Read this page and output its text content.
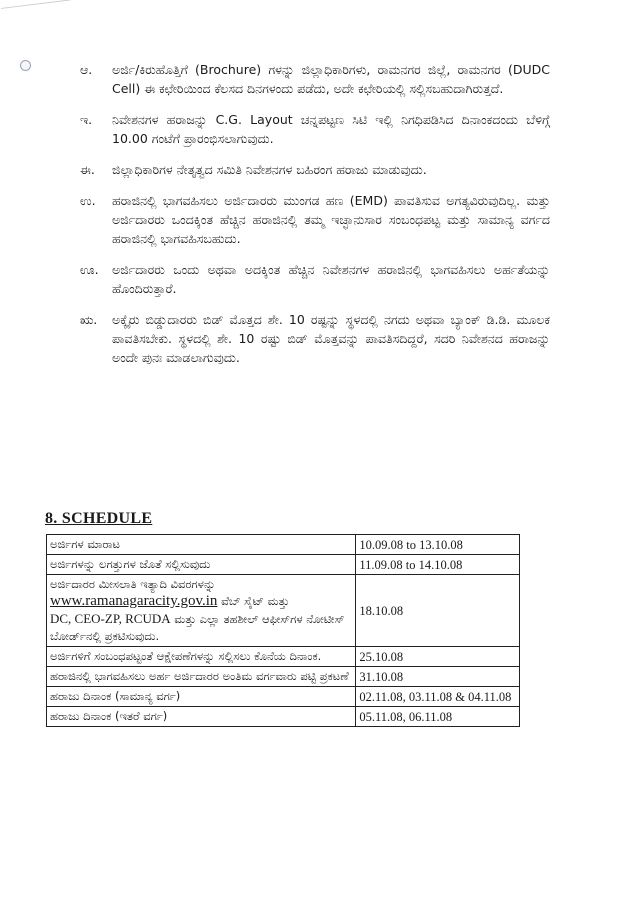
ಆ.	ಅರ್ಜಿ/ಕಿರುಹೊತ್ತಿಗೆ (Brochure) ಗಳನ್ನು ಜಿಲ್ಲಾಧಿಕಾರಿಗಳು, ರಾಮನಗರ ಜಿಲ್ಲೆ, ರಾಮನಗರ (DUDC Cell) ಈ ಕಛೇರಿಯಿಂದ ಕೆಲಸದ ದಿನಗಳಂದು ಪಡೆದು, ಅದೇ ಕಛೇರಿಯಲ್ಲಿ ಸಲ್ಲಿಸಬಹುದಾಗಿರುತ್ತದೆ.
ಇ.	ನಿವೇಶನಗಳ ಹರಾಜನ್ನು C.G. Layout ಚನ್ನಪಟ್ಟಣ ಸಿಟಿ ಇಲ್ಲಿ ನಿಗಧಿಪಡಿಸಿದ ದಿನಾಂಕದಂದು ಬೆಳಿಗ್ಗೆ 10.00 ಗಂಟೆಗೆ ಪ್ರಾರಂಭಿಸಲಾಗುವುದು.
ಈ.	ಜಿಲ್ಲಾಧಿಕಾರಿಗಳ ನೇತೃತ್ವದ ಸಮಿತಿ ನಿವೇಶನಗಳ ಬಹಿರಂಗ ಹರಾಜು ಮಾಡುವುದು.
ಉ.	ಹರಾಜಿನಲ್ಲಿ ಭಾಗವಹಿಸಲು ಅರ್ಜಿದಾರರು ಮುಂಗಡ ಹಣ (EMD) ಪಾವತಿಸುವ ಅಗತ್ಯವಿರುವುದಿಲ್ಲ. ಮತ್ತು ಅರ್ಜಿದಾರರು ಒಂದಕ್ಕಿಂತ ಹೆಚ್ಚಿನ ಹರಾಜಿನಲ್ಲಿ ತಮ್ಮ ಇಚ್ಛಾನುಸಾರ ಸಂಬಂಧಪಟ್ಟ ಮತ್ತು ಸಾಮಾನ್ಯ ವರ್ಗದ ಹರಾಜಿನಲ್ಲಿ ಭಾಗವಹಿಸಬಹುದು.
ಊ.	ಅರ್ಜಿದಾರರು ಒಂದು ಅಥವಾ ಅದಕ್ಕಿಂತ ಹೆಚ್ಚಿನ ನಿವೇಶನಗಳ ಹರಾಜಿನಲ್ಲಿ ಭಾಗವಹಿಸಲು ಅರ್ಹತೆಯನ್ನು ಹೊಂದಿರುತ್ತಾರೆ.
ಋ.	ಅಕ್ಕೈರು ಬಿಡ್ಡುದಾರರು ಬಿಡ್ ಮೊತ್ತದ ಶೇ. 10 ರಷ್ಟನ್ನು ಸ್ಥಳದಲ್ಲಿ ನಗದು ಅಥವಾ ಬ್ಯಾಂಕ್ ಡಿ.ಡಿ. ಮೂಲಕ ಪಾವತಿಸಬೇಕು. ಸ್ಥಳದಲ್ಲಿ ಶೇ. 10 ರಷ್ಟು ಬಿಡ್ ಮೊತ್ತವನ್ನು ಪಾವತಿಸದಿದ್ದರೆ, ಸದರಿ ನಿವೇಶನದ ಹರಾಜನ್ನು ಅಂದೇ ಪುನಃ ಮಾಡಲಾಗುವುದು.
8. SCHEDULE
ಅರ್ಜಿಗಳ ಮಾರಾಟ	10.09.08 to 13.10.08
ಅರ್ಜಿಗಳನ್ನು ಲಗತ್ತುಗಳ ಜೊತೆ ಸಲ್ಲಿಸುವುದು	11.09.08 to 14.10.08
ಅರ್ಜಿದಾರರ ಮೀಸಲಾತಿ ಇತ್ಯಾದಿ ವಿವರಗಳನ್ನು
www.ramanagaracity.gov.in ವೆಬ್ ಸೈಟ್ ಮತ್ತು
DC, CEO-ZP, RCUDA ಮತ್ತು ಎಲ್ಲಾ ತಹಶೀಲ್ ಆಫೀಸ್‌ಗಳ ನೋಟೀಸ್ ಬೋರ್ಡ್‌ನಲ್ಲಿ ಪ್ರಕಟಿಸುವುದು.	18.10.08
ಅರ್ಜಿಗಳಿಗೆ ಸಂಬಂಧಪಟ್ಟಂತೆ ಆಕ್ಷೇಪಣೆಗಳನ್ನು ಸಲ್ಲಿಸಲು ಕೊನೆಯ ದಿನಾಂಕ.	25.10.08
ಹರಾಜಿನಲ್ಲಿ ಭಾಗವಹಿಸಲು ಅರ್ಹ ಅರ್ಜಿದಾರರ ಅಂತಿಮ ವರ್ಗವಾರು ಪಟ್ಟಿ ಪ್ರಕಟಣೆ	31.10.08
ಹರಾಜು ದಿನಾಂಕ (ಸಾಮಾನ್ಯ ವರ್ಗ)	02.11.08, 03.11.08 & 04.11.08
ಹರಾಜು ದಿನಾಂಕ (ಇತರೆ ವರ್ಗ)	05.11.08, 06.11.08
